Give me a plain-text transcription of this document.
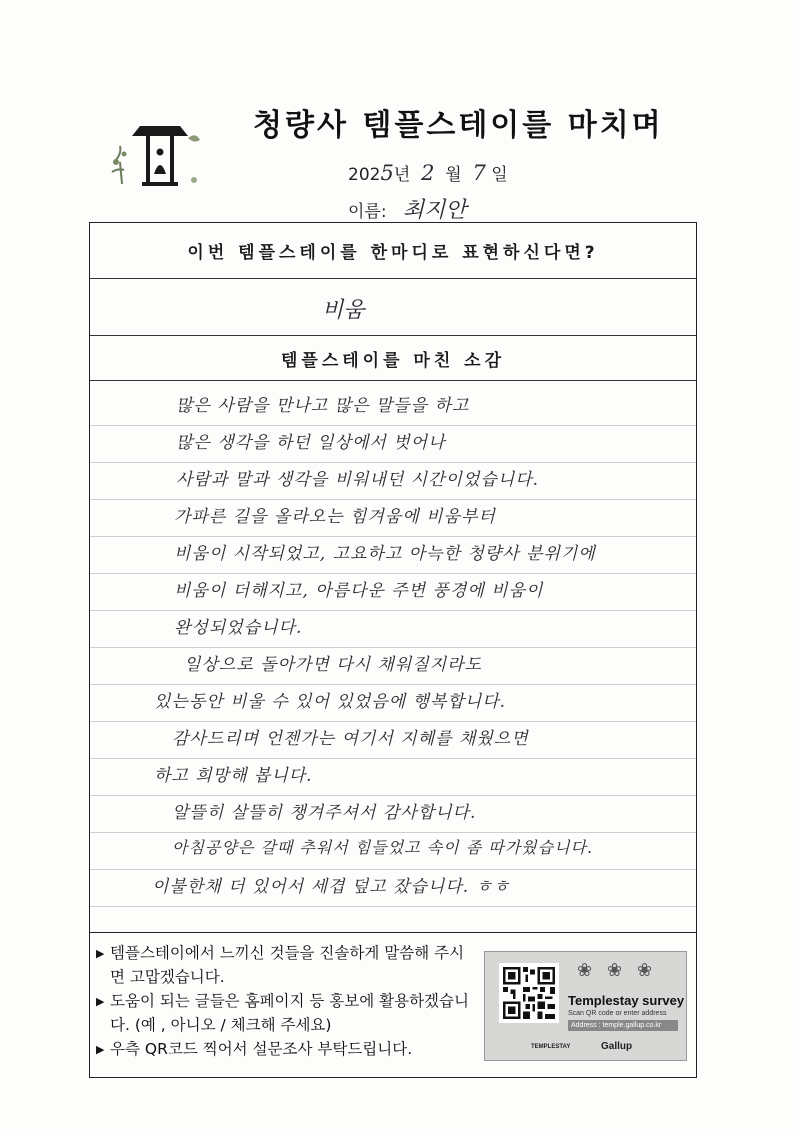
청량사 템플스테이를 마치며
2025년 2 월 7 일
이름: 최지안
이번 템플스테이를 한마디로 표현하신다면?
비움
템플스테이를 마친 소감
많은 사람을 만나고 많은 말들을 하고
많은 생각을 하던 일상에서 벗어나
사람과 말과 생각을 비워내던 시간이었습니다.
가파른 길을 올라오는 힘겨움에 비움부터
비움이 시작되었고, 고요하고 아늑한 청량사 분위기에
비움이 더해지고, 아름다운 주변 풍경에 비움이
완성되었습니다.
일상으로 돌아가면 다시 채워질지라도
있는동안 비울 수 있어 있었음에 행복합니다.
감사드리며 언젠가는 여기서 지혜를 채웠으면
하고 희망해 봅니다.
알뜰히 살뜰히 챙겨주셔서 감사합니다.
아침공양은 갈때 추워서 힘들었고 속이 좀 따가웠습니다.
이불한채 더 있어서 세겹 덮고 잤습니다. ㅎㅎ
▶ 템플스테이에서 느끼신 것들을 진솔하게 말씀해 주시면 고맙겠습니다.
▶ 도움이 되는 글들은 홈페이지 등 홍보에 활용하겠습니다. (예 , 아니오 / 체크해 주세요)
▶ 우측 QR코드 찍어서 설문조사 부탁드립니다.
❀ ❀ ❀
Templestay survey
Scan QR code or enter address
Address : temple.gallup.co.kr
TEMPLESTAY	Gallup
